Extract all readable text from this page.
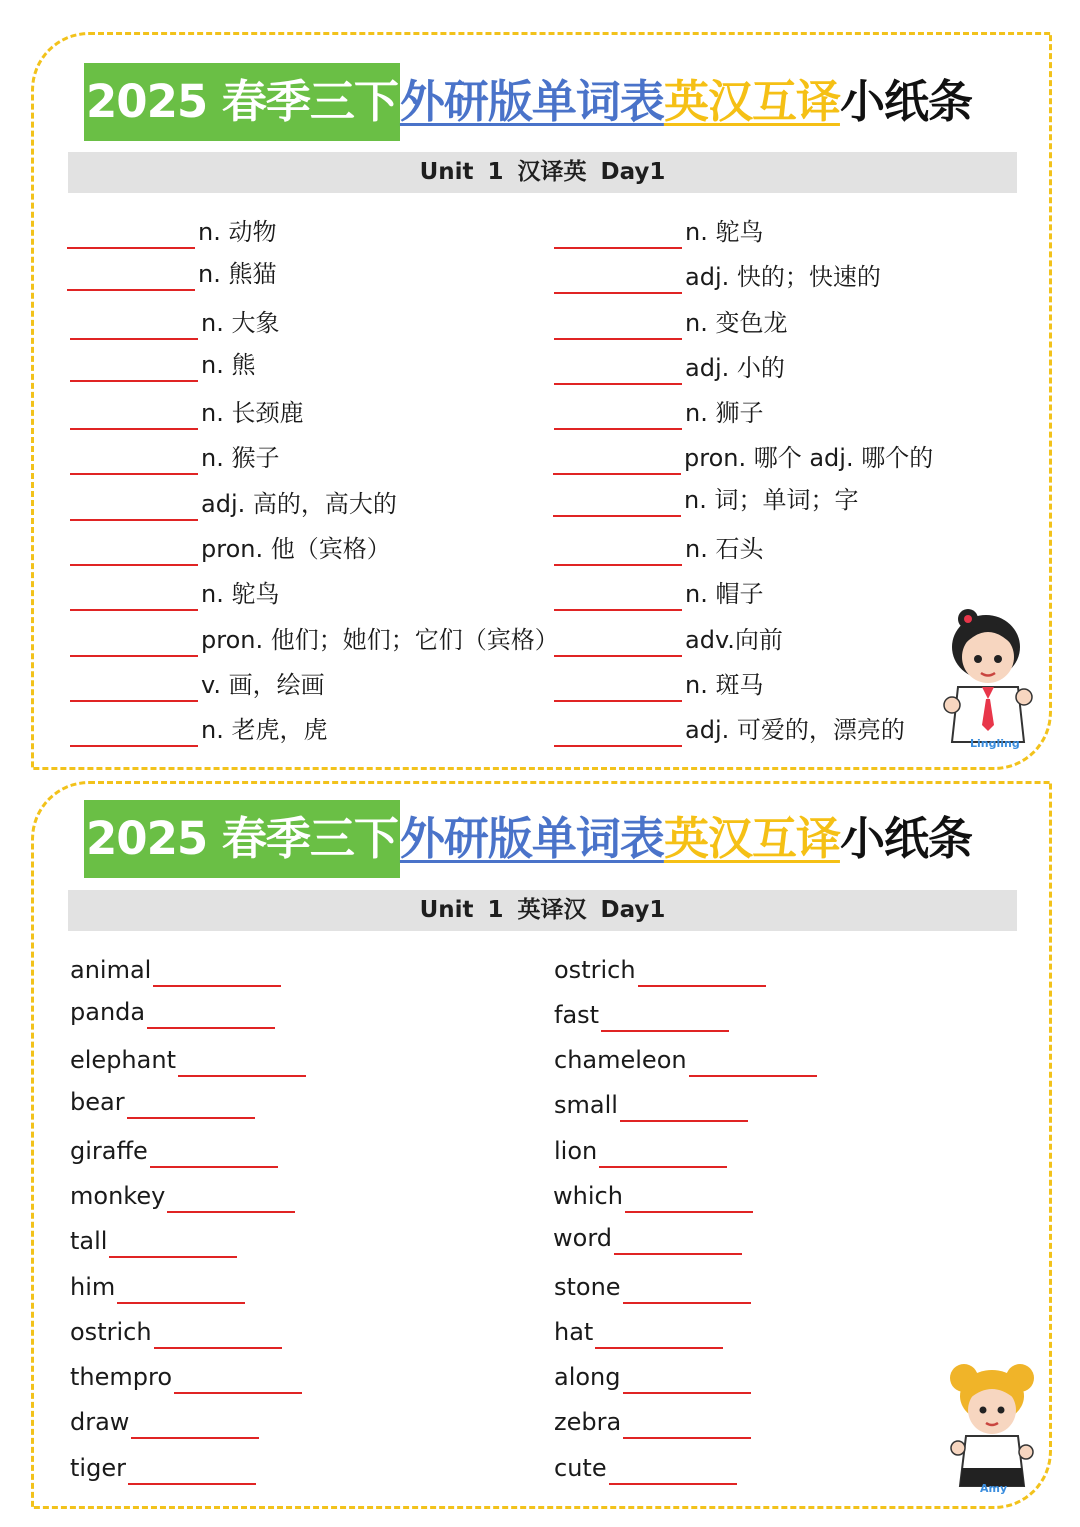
2025 春季三下 外研版单词表 英汉互译 小纸条
Unit 1 汉译英 Day1
n. 动物
n. 熊猫
n. 大象
n. 熊
n. 长颈鹿
n. 猴子
adj. 高的，高大的
pron. 他（宾格）
n. 鸵鸟
pron. 他们；她们；它们（宾格）
v. 画，绘画
n. 老虎，虎
n. 鸵鸟
adj. 快的；快速的
n. 变色龙
adj. 小的
n. 狮子
pron. 哪个 adj. 哪个的
n. 词；单词；字
n. 石头
n. 帽子
adv.向前
n. 斑马
adj. 可爱的，漂亮的	Lingling
2025 春季三下 外研版单词表 英汉互译 小纸条
Unit 1 英译汉 Day1
animal
panda
elephant
bear
giraffe
monkey
tall
him
ostrich
thempro
draw
tiger
ostrich
fast
chameleon
small
lion
which
word
stone
hat
along
zebra
cute
Amy
